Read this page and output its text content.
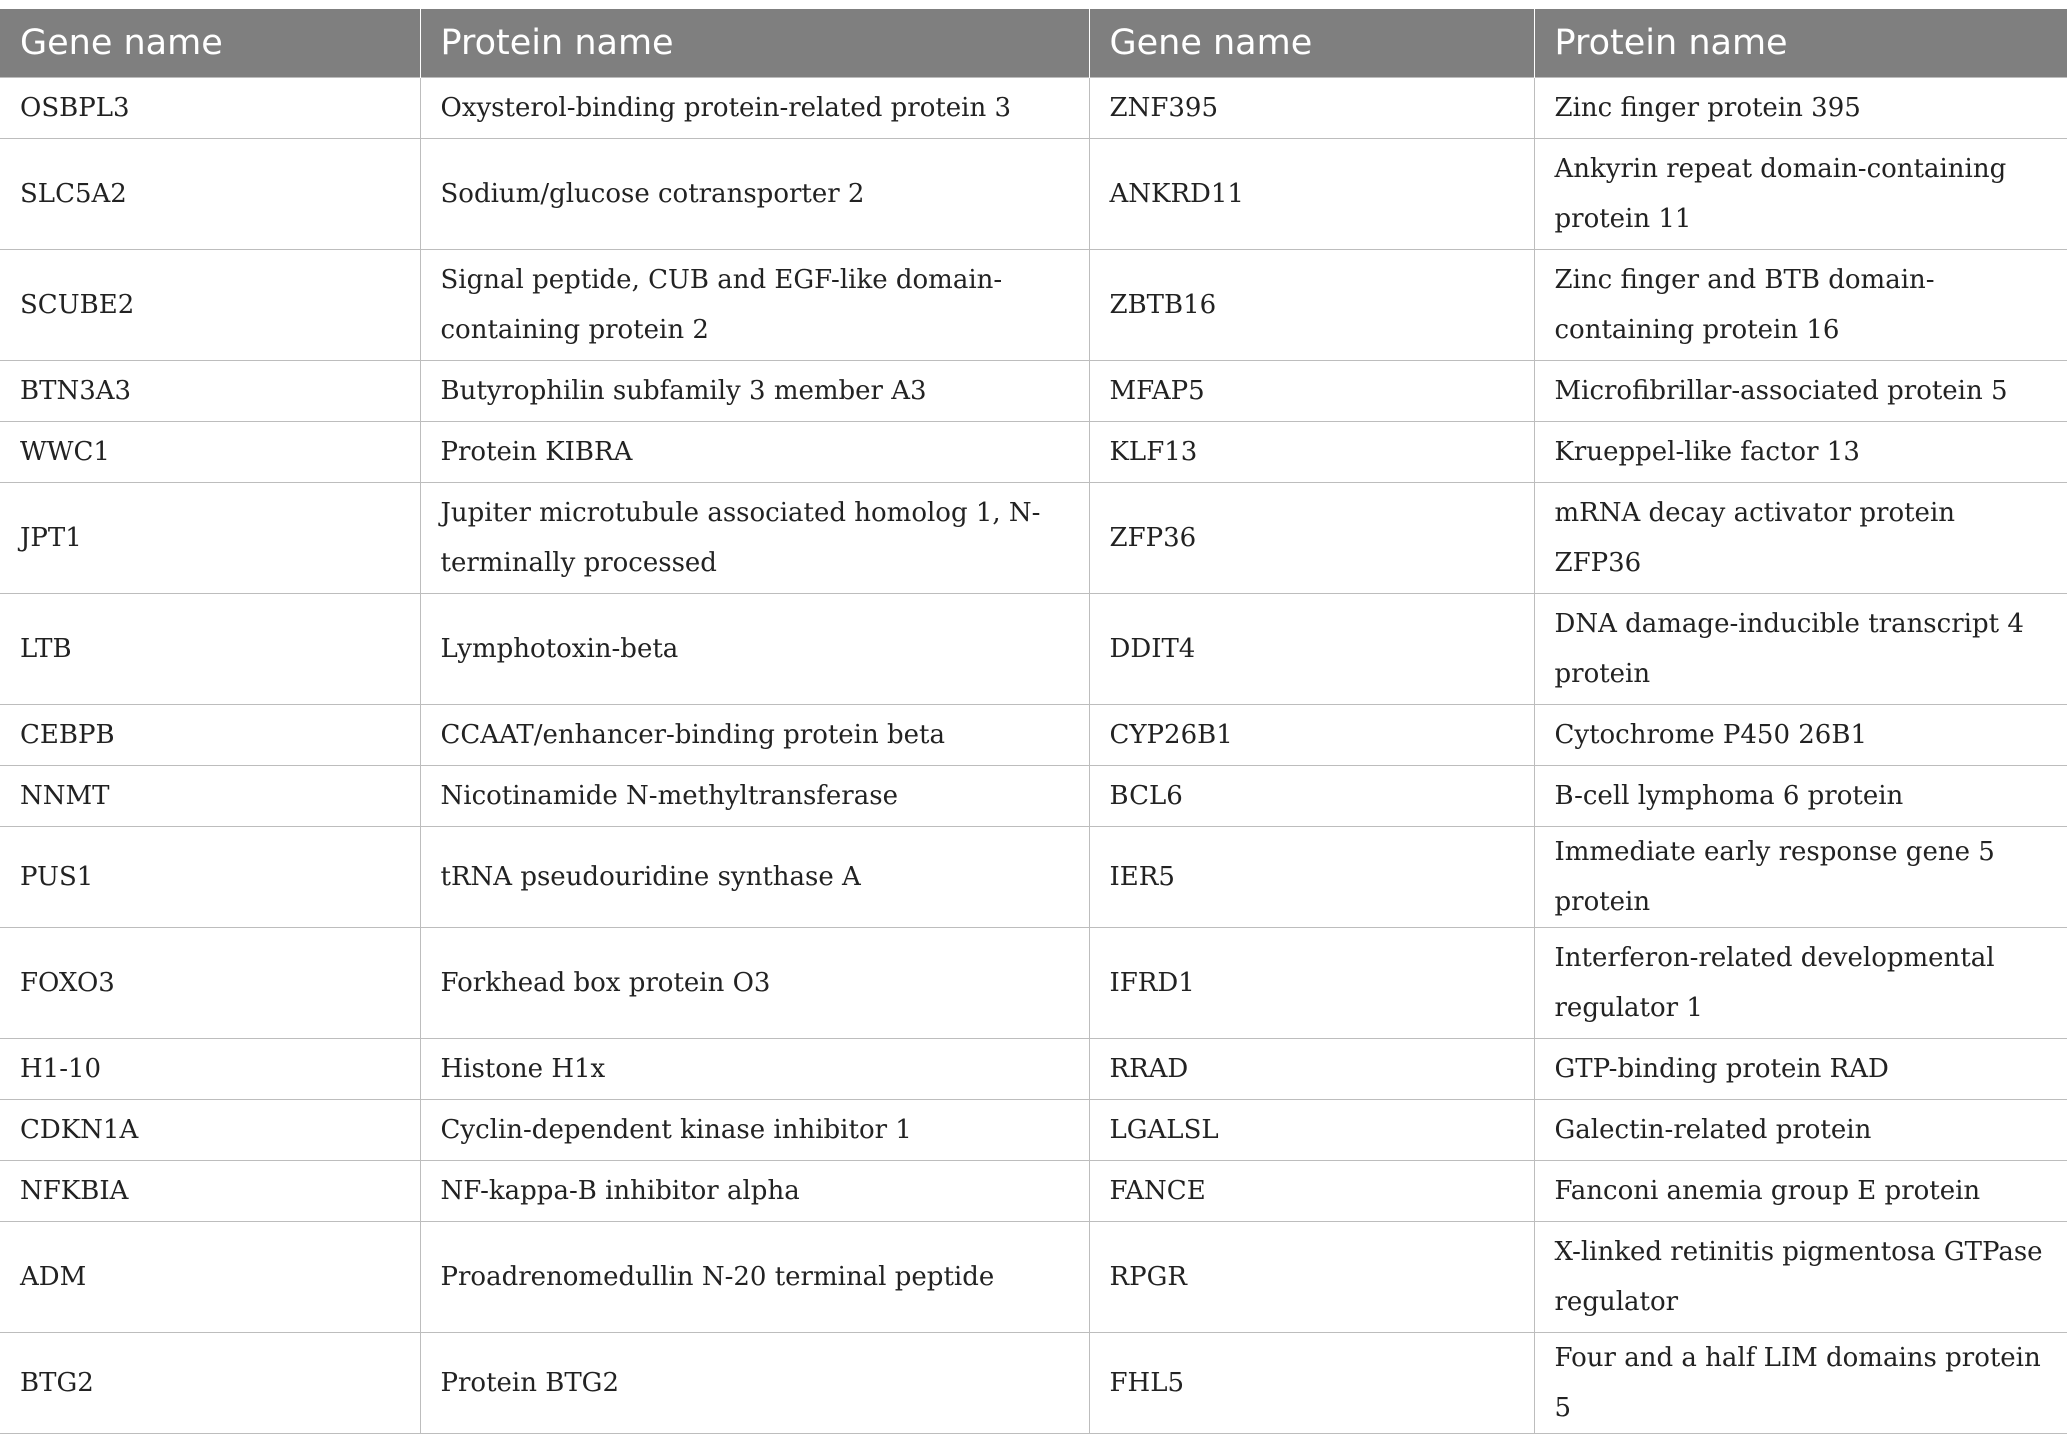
Gene name	Protein name	Gene name	Protein name
OSBPL3	Oxysterol-binding protein-related protein 3	ZNF395	Zinc finger protein 395
SLC5A2	Sodium/glucose cotransporter 2	ANKRD11	Ankyrin repeat domain-containing protein 11
SCUBE2	Signal peptide, CUB and EGF-like domain-containing protein 2	ZBTB16	Zinc finger and BTB domain-containing protein 16
BTN3A3	Butyrophilin subfamily 3 member A3	MFAP5	Microfibrillar-associated protein 5
WWC1	Protein KIBRA	KLF13	Krueppel-like factor 13
JPT1	Jupiter microtubule associated homolog 1, N-terminally processed	ZFP36	mRNA decay activator protein ZFP36
LTB	Lymphotoxin-beta	DDIT4	DNA damage-inducible transcript 4 protein
CEBPB	CCAAT/enhancer-binding protein beta	CYP26B1	Cytochrome P450 26B1
NNMT	Nicotinamide N-methyltransferase	BCL6	B-cell lymphoma 6 protein
PUS1	tRNA pseudouridine synthase A	IER5	Immediate early response gene 5 protein
FOXO3	Forkhead box protein O3	IFRD1	Interferon-related developmental regulator 1
H1-10	Histone H1x	RRAD	GTP-binding protein RAD
CDKN1A	Cyclin-dependent kinase inhibitor 1	LGALSL	Galectin-related protein
NFKBIA	NF-kappa-B inhibitor alpha	FANCE	Fanconi anemia group E protein
ADM	Proadrenomedullin N-20 terminal peptide	RPGR	X-linked retinitis pigmentosa GTPase regulator
BTG2	Protein BTG2	FHL5	Four and a half LIM domains protein 5
